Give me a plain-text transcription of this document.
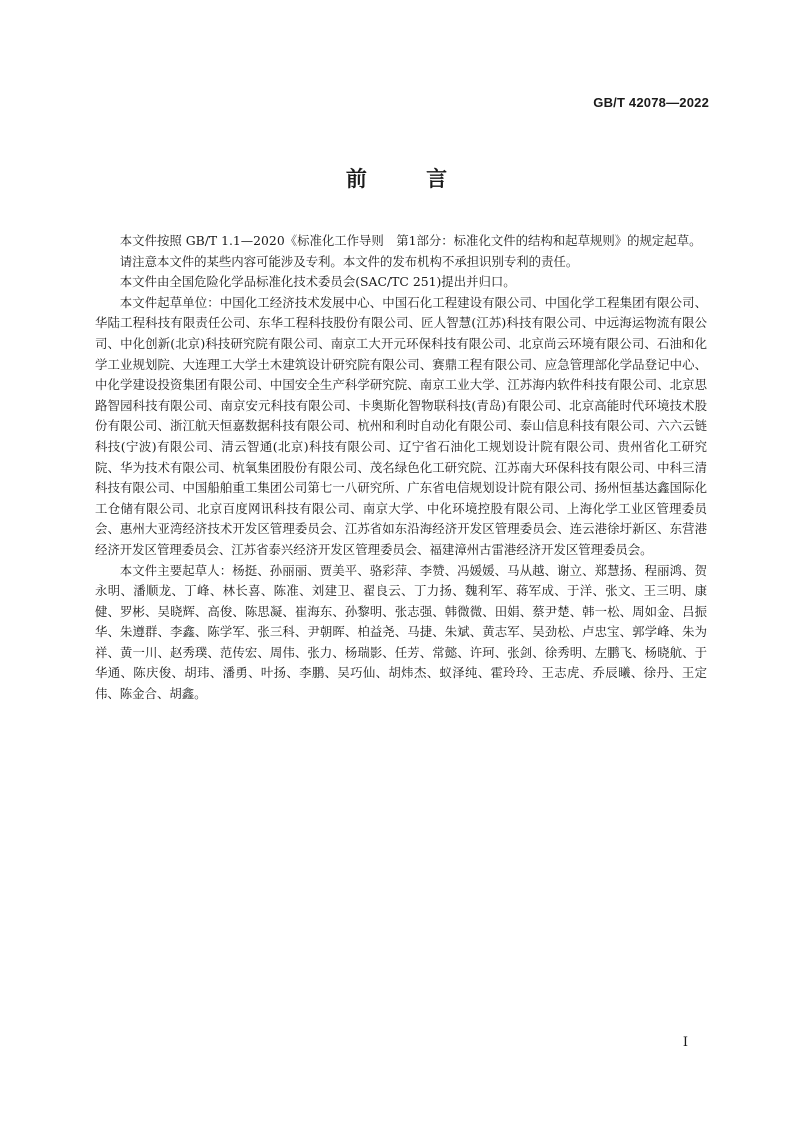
GB/T 42078—2022
前 言

本文件按照 GB/T 1.1—2020《标准化工作导则　第1部分：标准化文件的结构和起草规则》的规定起草。

请注意本文件的某些内容可能涉及专利。本文件的发布机构不承担识别专利的责任。

本文件由全国危险化学品标准化技术委员会(SAC/TC 251)提出并归口。

本文件起草单位：中国化工经济技术发展中心、中国石化工程建设有限公司、中国化学工程集团有限公司、华陆工程科技有限责任公司、东华工程科技股份有限公司、匠人智慧(江苏)科技有限公司、中远海运物流有限公司、中化创新(北京)科技研究院有限公司、南京工大开元环保科技有限公司、北京尚云环境有限公司、石油和化学工业规划院、大连理工大学土木建筑设计研究院有限公司、赛鼎工程有限公司、应急管理部化学品登记中心、中化学建设投资集团有限公司、中国安全生产科学研究院、南京工业大学、江苏海内软件科技有限公司、北京思路智园科技有限公司、南京安元科技有限公司、卡奥斯化智物联科技(青岛)有限公司、北京高能时代环境技术股份有限公司、浙江航天恒嘉数据科技有限公司、杭州和利时自动化有限公司、泰山信息科技有限公司、六六云链科技(宁波)有限公司、清云智通(北京)科技有限公司、辽宁省石油化工规划设计院有限公司、贵州省化工研究院、华为技术有限公司、杭氧集团股份有限公司、茂名绿色化工研究院、江苏南大环保科技有限公司、中科三清科技有限公司、中国船舶重工集团公司第七一八研究所、广东省电信规划设计院有限公司、扬州恒基达鑫国际化工仓储有限公司、北京百度网讯科技有限公司、南京大学、中化环境控股有限公司、上海化学工业区管理委员会、惠州大亚湾经济技术开发区管理委员会、江苏省如东沿海经济开发区管理委员会、连云港徐圩新区、东营港经济开发区管理委员会、江苏省泰兴经济开发区管理委员会、福建漳州古雷港经济开发区管理委员会。

本文件主要起草人：杨挺、孙丽丽、贾美平、骆彩萍、李赞、冯媛媛、马从越、谢立、郑慧扬、程丽鸿、贺永明、潘顺龙、丁峰、林长喜、陈准、刘建卫、翟良云、丁力扬、魏利军、蒋军成、于洋、张文、王三明、康健、罗彬、吴晓辉、高俊、陈思凝、崔海东、孙黎明、张志强、韩微微、田娟、蔡尹楚、韩一松、周如金、吕振华、朱遵群、李鑫、陈学军、张三科、尹朝晖、柏益尧、马捷、朱斌、黄志军、吴劲松、卢忠宝、郭学峰、朱为祥、黄一川、赵秀璞、范传宏、周伟、张力、杨瑞影、任芳、常懿、许珂、张剑、徐秀明、左鹏飞、杨晓航、于华通、陈庆俊、胡玮、潘勇、叶扬、李鹏、吴巧仙、胡炜杰、蚁泽纯、霍玲玲、王志虎、乔辰曦、徐丹、王定伟、陈金合、胡鑫。

I
